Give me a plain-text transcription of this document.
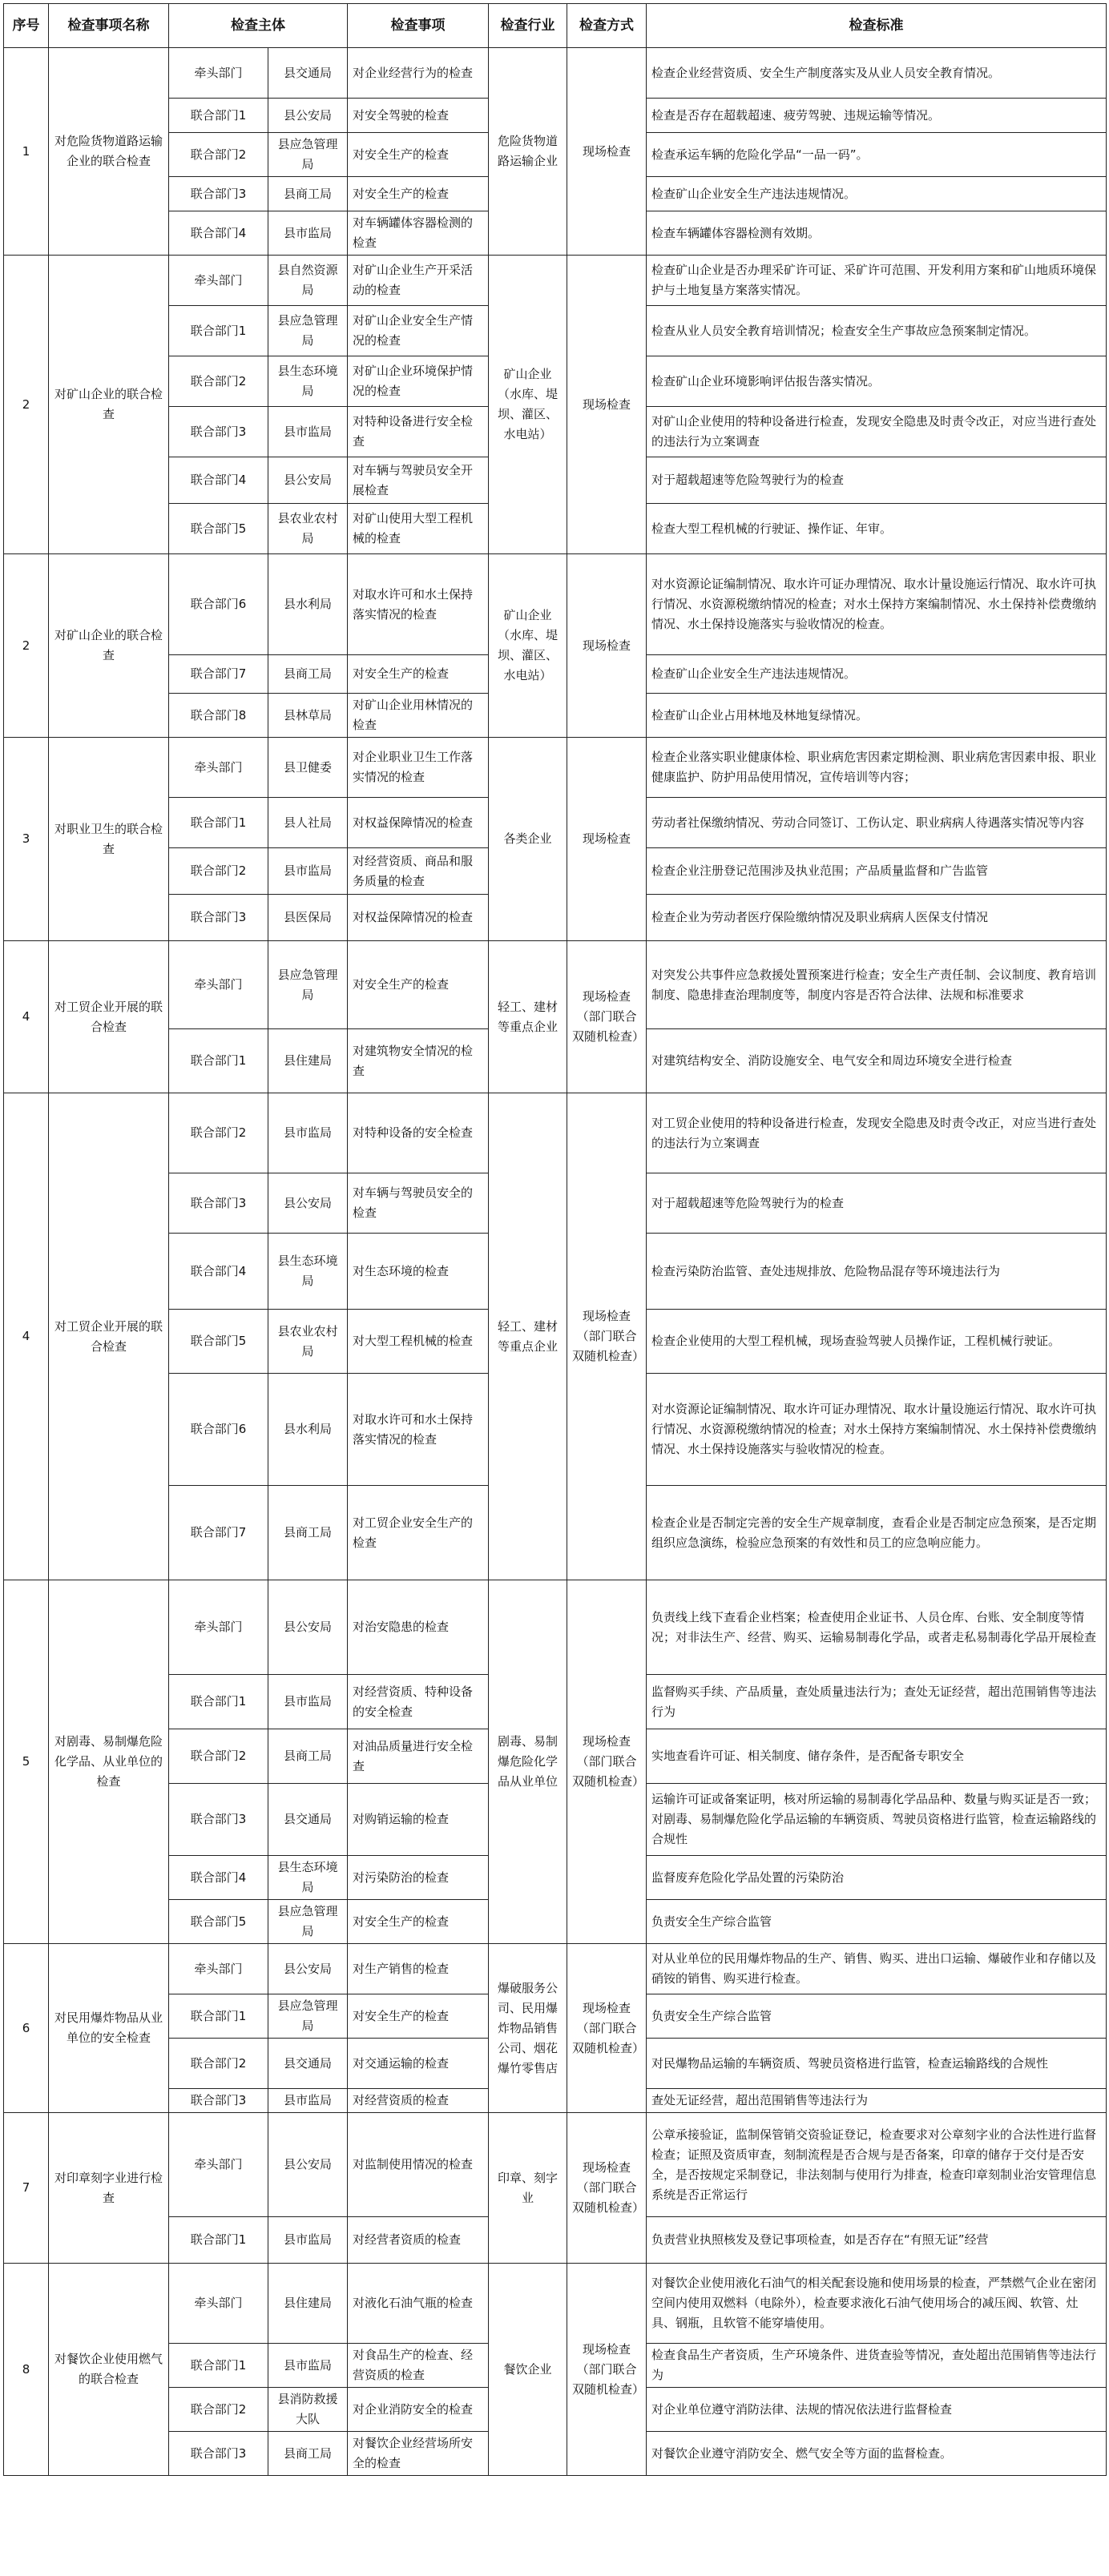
序号	检查事项名称	检查主体		检查事项	检查行业	检查方式	检查标准
1	对危险货物道路运输企业的联合检查	牵头部门	县交通局	对企业经营行为的检查	危险货物道路运输企业	现场检查	检查企业经营资质、安全生产制度落实及从业人员安全教育情况。
		联合部门1	县公安局	对安全驾驶的检查			检查是否存在超载超速、疲劳驾驶、违规运输等情况。
		联合部门2	县应急管理局	对安全生产的检查			检查承运车辆的危险化学品“一品一码”。
		联合部门3	县商工局	对安全生产的检查			检查矿山企业安全生产违法违规情况。
		联合部门4	县市监局	对车辆罐体容器检测的检查			检查车辆罐体容器检测有效期。
2	对矿山企业的联合检查	牵头部门	县自然资源局	对矿山企业生产开采活动的检查	矿山企业（水库、堤坝、灌区、水电站）	现场检查	检查矿山企业是否办理采矿许可证、采矿许可范围、开发利用方案和矿山地质环境保护与土地复垦方案落实情况。
		联合部门1	县应急管理局	对矿山企业安全生产情况的检查			检查从业人员安全教育培训情况；检查安全生产事故应急预案制定情况。
		联合部门2	县生态环境局	对矿山企业环境保护情况的检查			检查矿山企业环境影响评估报告落实情况。
		联合部门3	县市监局	对特种设备进行安全检查			对矿山企业使用的特种设备进行检查，发现安全隐患及时责令改正，对应当进行查处的违法行为立案调查
		联合部门4	县公安局	对车辆与驾驶员安全开展检查			对于超载超速等危险驾驶行为的检查
		联合部门5	县农业农村局	对矿山使用大型工程机械的检查			检查大型工程机械的行驶证、操作证、年审。
2	对矿山企业的联合检查	联合部门6	县水利局	对取水许可和水土保持落实情况的检查	矿山企业（水库、堤坝、灌区、水电站）	现场检查	对水资源论证编制情况、取水许可证办理情况、取水计量设施运行情况、取水许可执行情况、水资源税缴纳情况的检查；对水土保持方案编制情况、水土保持补偿费缴纳情况、水土保持设施落实与验收情况的检查。
		联合部门7	县商工局	对安全生产的检查			检查矿山企业安全生产违法违规情况。
		联合部门8	县林草局	对矿山企业用林情况的检查			检查矿山企业占用林地及林地复绿情况。
3	对职业卫生的联合检查	牵头部门	县卫健委	对企业职业卫生工作落实情况的检查	各类企业	现场检查	检查企业落实职业健康体检、职业病危害因素定期检测、职业病危害因素申报、职业健康监护、防护用品使用情况，宣传培训等内容；
		联合部门1	县人社局	对权益保障情况的检查			劳动者社保缴纳情况、劳动合同签订、工伤认定、职业病病人待遇落实情况等内容
		联合部门2	县市监局	对经营资质、商品和服务质量的检查			检查企业注册登记范围涉及执业范围；产品质量监督和广告监管
		联合部门3	县医保局	对权益保障情况的检查			检查企业为劳动者医疗保险缴纳情况及职业病病人医保支付情况
4	对工贸企业开展的联合检查	牵头部门	县应急管理局	对安全生产的检查	轻工、建材等重点企业	现场检查（部门联合双随机检查）	对突发公共事件应急救援处置预案进行检查；安全生产责任制、会议制度、教育培训制度、隐患排查治理制度等，制度内容是否符合法律、法规和标准要求
		联合部门1	县住建局	对建筑物安全情况的检查			对建筑结构安全、消防设施安全、电气安全和周边环境安全进行检查
4	对工贸企业开展的联合检查	联合部门2	县市监局	对特种设备的安全检查	轻工、建材等重点企业	现场检查（部门联合双随机检查）	对工贸企业使用的特种设备进行检查，发现安全隐患及时责令改正，对应当进行查处的违法行为立案调查
		联合部门3	县公安局	对车辆与驾驶员安全的检查			对于超载超速等危险驾驶行为的检查
		联合部门4	县生态环境局	对生态环境的检查			检查污染防治监管、查处违规排放、危险物品混存等环境违法行为
		联合部门5	县农业农村局	对大型工程机械的检查			检查企业使用的大型工程机械，现场查验驾驶人员操作证，工程机械行驶证。
		联合部门6	县水利局	对取水许可和水土保持落实情况的检查			对水资源论证编制情况、取水许可证办理情况、取水计量设施运行情况、取水许可执行情况、水资源税缴纳情况的检查；对水土保持方案编制情况、水土保持补偿费缴纳情况、水土保持设施落实与验收情况的检查。
		联合部门7	县商工局	对工贸企业安全生产的检查			检查企业是否制定完善的安全生产规章制度，查看企业是否制定应急预案，是否定期组织应急演练，检验应急预案的有效性和员工的应急响应能力。
5	对剧毒、易制爆危险化学品、从业单位的检查	牵头部门	县公安局	对治安隐患的检查	剧毒、易制爆危险化学品从业单位	现场检查（部门联合双随机检查）	负责线上线下查看企业档案；检查使用企业证书、人员仓库、台账、安全制度等情况；对非法生产、经营、购买、运输易制毒化学品，或者走私易制毒化学品开展检查
		联合部门1	县市监局	对经营资质、特种设备的安全检查			监督购买手续、产品质量，查处质量违法行为；查处无证经营，超出范围销售等违法行为
		联合部门2	县商工局	对油品质量进行安全检查			实地查看许可证、相关制度、储存条件，是否配备专职安全
		联合部门3	县交通局	对购销运输的检查			运输许可证或备案证明，核对所运输的易制毒化学品品种、数量与购买证是否一致；对剧毒、易制爆危险化学品运输的车辆资质、驾驶员资格进行监管，检查运输路线的合规性
		联合部门4	县生态环境局	对污染防治的检查			监督废弃危险化学品处置的污染防治
		联合部门5	县应急管理局	对安全生产的检查			负责安全生产综合监管
6	对民用爆炸物品从业单位的安全检查	牵头部门	县公安局	对生产销售的检查	爆破服务公司、民用爆炸物品销售公司、烟花爆竹零售店	现场检查（部门联合双随机检查）	对从业单位的民用爆炸物品的生产、销售、购买、进出口运输、爆破作业和存储以及硝铵的销售、购买进行检查。
		联合部门1	县应急管理局	对安全生产的检查			负责安全生产综合监管
		联合部门2	县交通局	对交通运输的检查			对民爆物品运输的车辆资质、驾驶员资格进行监管，检查运输路线的合规性
		联合部门3	县市监局	对经营资质的检查			查处无证经营，超出范围销售等违法行为
7	对印章刻字业进行检查	牵头部门	县公安局	对监制使用情况的检查	印章、刻字业	现场检查（部门联合双随机检查）	公章承接验证，监制保管销交资验证登记，检查要求对公章刻字业的合法性进行监督检查；证照及资质审查，刻制流程是否合规与是否备案，印章的储存于交付是否安全，是否按规定采制登记，非法刻制与使用行为排查，检查印章刻制业治安管理信息系统是否正常运行
		联合部门1	县市监局	对经营者资质的检查			负责营业执照核发及登记事项检查，如是否存在“有照无证”经营
8	对餐饮企业使用燃气的联合检查	牵头部门	县住建局	对液化石油气瓶的检查	餐饮企业	现场检查（部门联合双随机检查）	对餐饮企业使用液化石油气的相关配套设施和使用场景的检查，严禁燃气企业在密闭空间内使用双燃料（电除外），检查要求液化石油气使用场合的减压阀、软管、灶具、钢瓶，且软管不能穿墙使用。
		联合部门1	县市监局	对食品生产的检查、经营资质的检查			检查食品生产者资质，生产环境条件、进货查验等情况，查处超出范围销售等违法行为
		联合部门2	县消防救援大队	对企业消防安全的检查			对企业单位遵守消防法律、法规的情况依法进行监督检查
		联合部门3	县商工局	对餐饮企业经营场所安全的检查			对餐饮企业遵守消防安全、燃气安全等方面的监督检查。
